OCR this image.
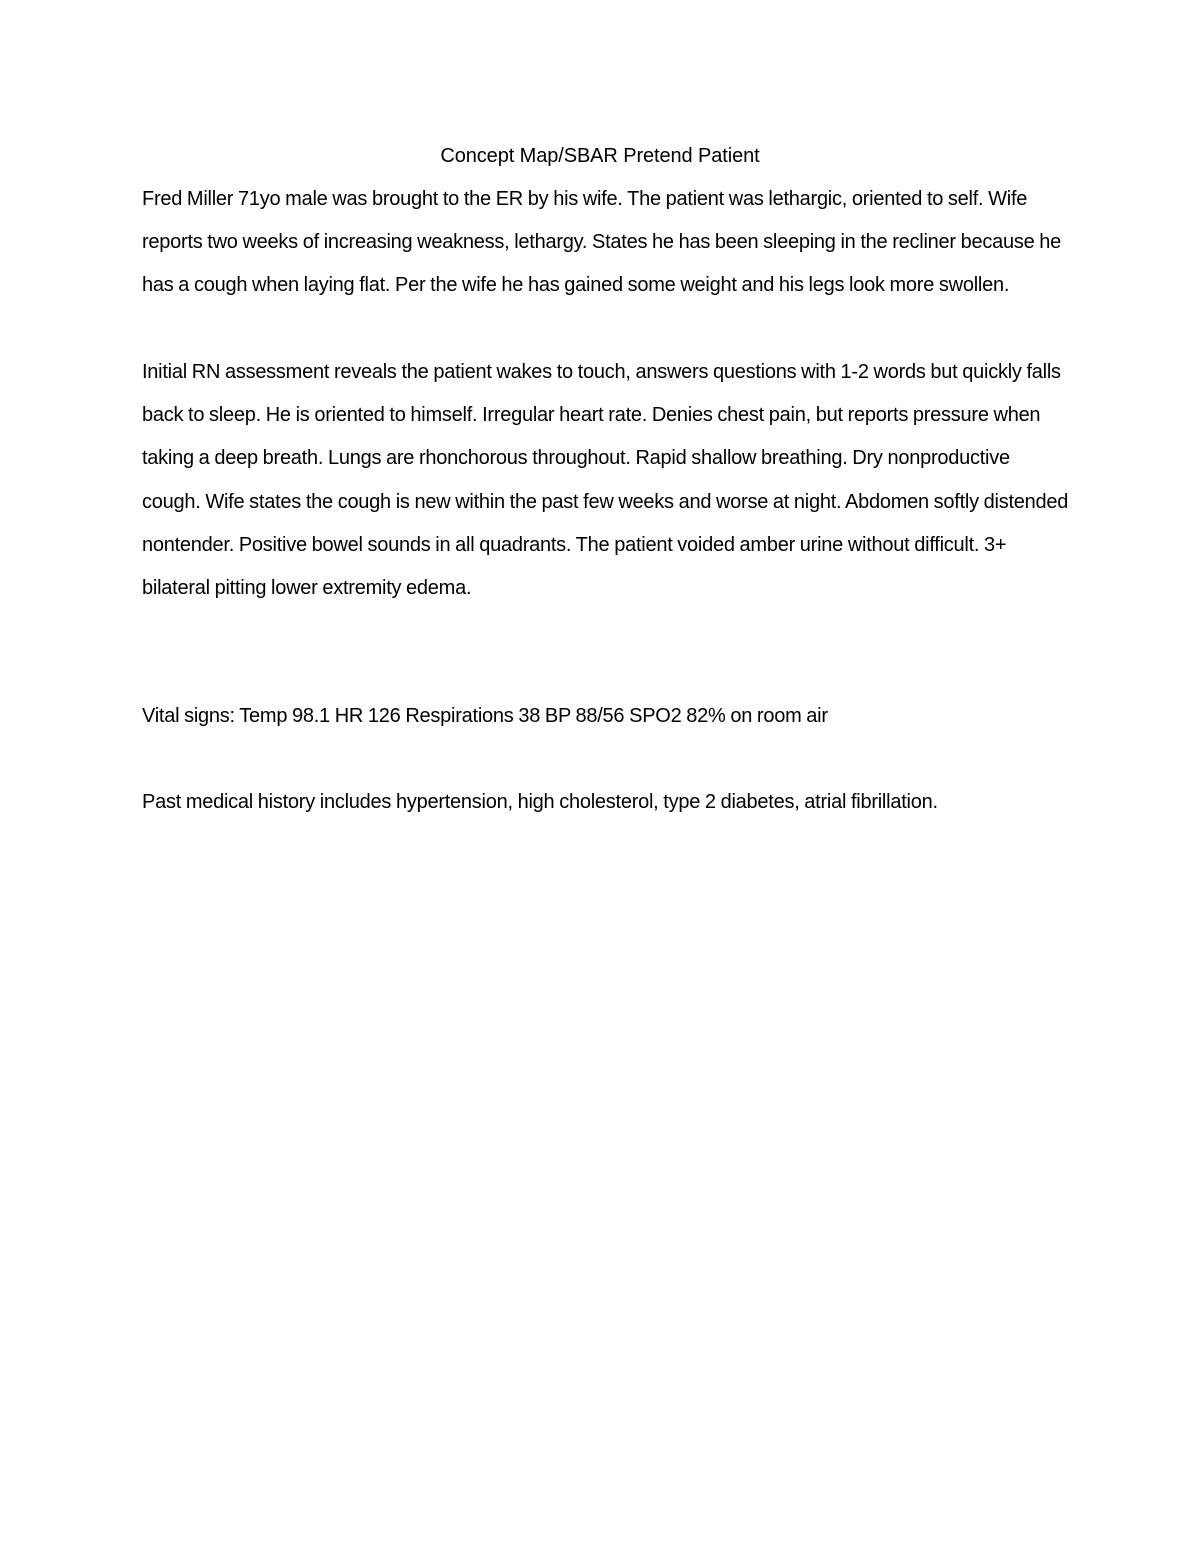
Concept Map/SBAR Pretend Patient

Fred Miller 71yo male was brought to the ER by his wife. The patient was lethargic, oriented to self. Wife reports two weeks of increasing weakness, lethargy. States he has been sleeping in the recliner because he has a cough when laying flat. Per the wife he has gained some weight and his legs look more swollen.

Initial RN assessment reveals the patient wakes to touch, answers questions with 1-2 words but quickly falls back to sleep. He is oriented to himself. Irregular heart rate. Denies chest pain, but reports pressure when taking a deep breath. Lungs are rhonchorous throughout. Rapid shallow breathing. Dry nonproductive cough. Wife states the cough is new within the past few weeks and worse at night. Abdomen softly distended nontender. Positive bowel sounds in all quadrants. The patient voided amber urine without difficult. 3+ bilateral pitting lower extremity edema.

Vital signs: Temp 98.1 HR 126 Respirations 38 BP 88/56 SPO2 82% on room air

Past medical history includes hypertension, high cholesterol, type 2 diabetes, atrial fibrillation.
